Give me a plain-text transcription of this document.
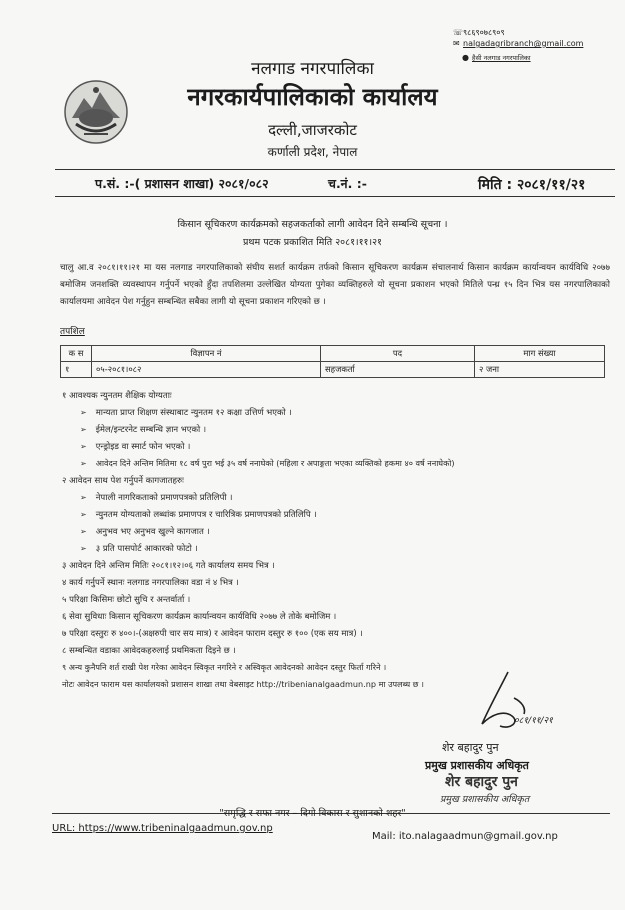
☏९८६९०७८९०९
✉ nalgadagribranch@gmail.com
● हैसी नलगाड नगरपालिका
नलगाड नगरपालिका
नगरकार्यपालिकाको कार्यालय
दल्ली,जाजरकोट
कर्णाली प्रदेश, नेपाल
प.सं. :-( प्रशासन शाखा) २०८१/०८२	च.नं. :-	मिति : २०८१/११/२१
किसान सूचिकरण कार्यक्रमको सहजकर्ताको लागी आवेदन दिने सम्बन्धि सूचना ।
प्रथम पटक प्रकाशित मिति २०८१।११।२१
चालु आ.व २०८१।११।२१ मा यस नलगाड नगरपालिकाको संघीय सशर्त कार्यक्रम तर्फको किसान सूचिकरण कार्यक्रम संचालनार्थ किसान कार्यक्रम कार्यान्वयन कार्यविधि २०७७ बमोजिम जनशक्ति व्यवस्थापन गर्नुपर्ने भएको हुँदा तपशिलमा उल्लेखित योग्यता पुगेका व्यक्तिहरुले यो सूचना प्रकाशन भएको मितिले पन्ध्र १५ दिन भित्र यस नगरपालिकाको कार्यालयमा आवेदन पेश गर्नुहुन सम्बन्धित सबैका लागी यो सूचना प्रकाशन गरिएको छ ।
तपशिल
क स	विज्ञापन नं	पद	माग संख्या
१	०५-२०८१।०८२	सहजकर्ता	२ जना
१ आवश्यक न्युनतम शैक्षिक योग्यताः
➢ मान्यता प्राप्त शिक्षण संस्थाबाट न्युनतम १२ कक्षा उत्तिर्ण भएको ।
➢ ईमेल/इन्टरनेट सम्बन्धि ज्ञान भएको ।
➢ एन्ड्रोइड वा स्मार्ट फोन भएको ।
➢ आवेदन दिने अन्तिम मितिमा १८ वर्ष पुरा भई ३५ वर्ष ननाघेको (महिला र अपाङ्गता भएका व्यक्तिको हकमा ४० वर्ष ननाघेको)
२ आवेदन साथ पेश गर्नुपर्ने कागजातहरुः
➢ नेपाली नागरिकताको प्रमाणपत्रको प्रतिलिपी ।
➢ न्युनतम योग्यताको लब्धांक प्रमाणपत्र र चारित्रिक प्रमाणपत्रको प्रतिलिपि ।
➢ अनुभव भए अनुभव खुल्ने कागजात ।
➢ ३ प्रति पासपोर्ट आकारको फोटो ।
३ आवेदन दिने अन्तिम मितिः २०८१।१२।०६ गते कार्यालय समय भित्र ।
४ कार्य गर्नुपर्ने स्थानः नलगाड नगरपालिका वडा नं ४ भित्र ।
५ परिक्षा किसिमः छोटो सुचि र अन्तर्वार्ता ।
६ सेवा सुविधाः किसान सूचिकरण कार्यक्रम कार्यान्वयन कार्यविधि २०७७ ले तोके बमोजिम ।
७ परिक्षा दस्तुरः रु ४००।-(अक्षरुपी चार सय मात्र) र आवेदन फाराम दस्तुर रु १०० (एक सय मात्र) ।
८ सम्बन्धित वडाका आवेदकहरुलाई प्रथमिकता दिइने छ ।
९ अन्य कुनैपनि शर्त राखी पेश गरेका आवेदन स्विकृत नगरिने र अस्विकृत आवेदनको आवेदन दस्तुर फिर्ता गरिने ।
नोटः आवेदन फाराम यस कार्यालयको प्रशासन शाखा तथा वेबसाइट http://tribenianalgaadmun.np मा उपलब्ध छ ।
०८१/११/२१
शेर बहादुर पुन
प्रमुख प्रशासकीय अधिकृत
शेर बहादुर पुन
प्रमुख प्रशासकीय अधिकृत
"समृद्धि र सफा नगर – दिगो विकास र सुशानको शहर"
URL: https://www.tribeninalgaadmun.gov.np
Mail: ito.nalagaadmun@gmail.gov.np
